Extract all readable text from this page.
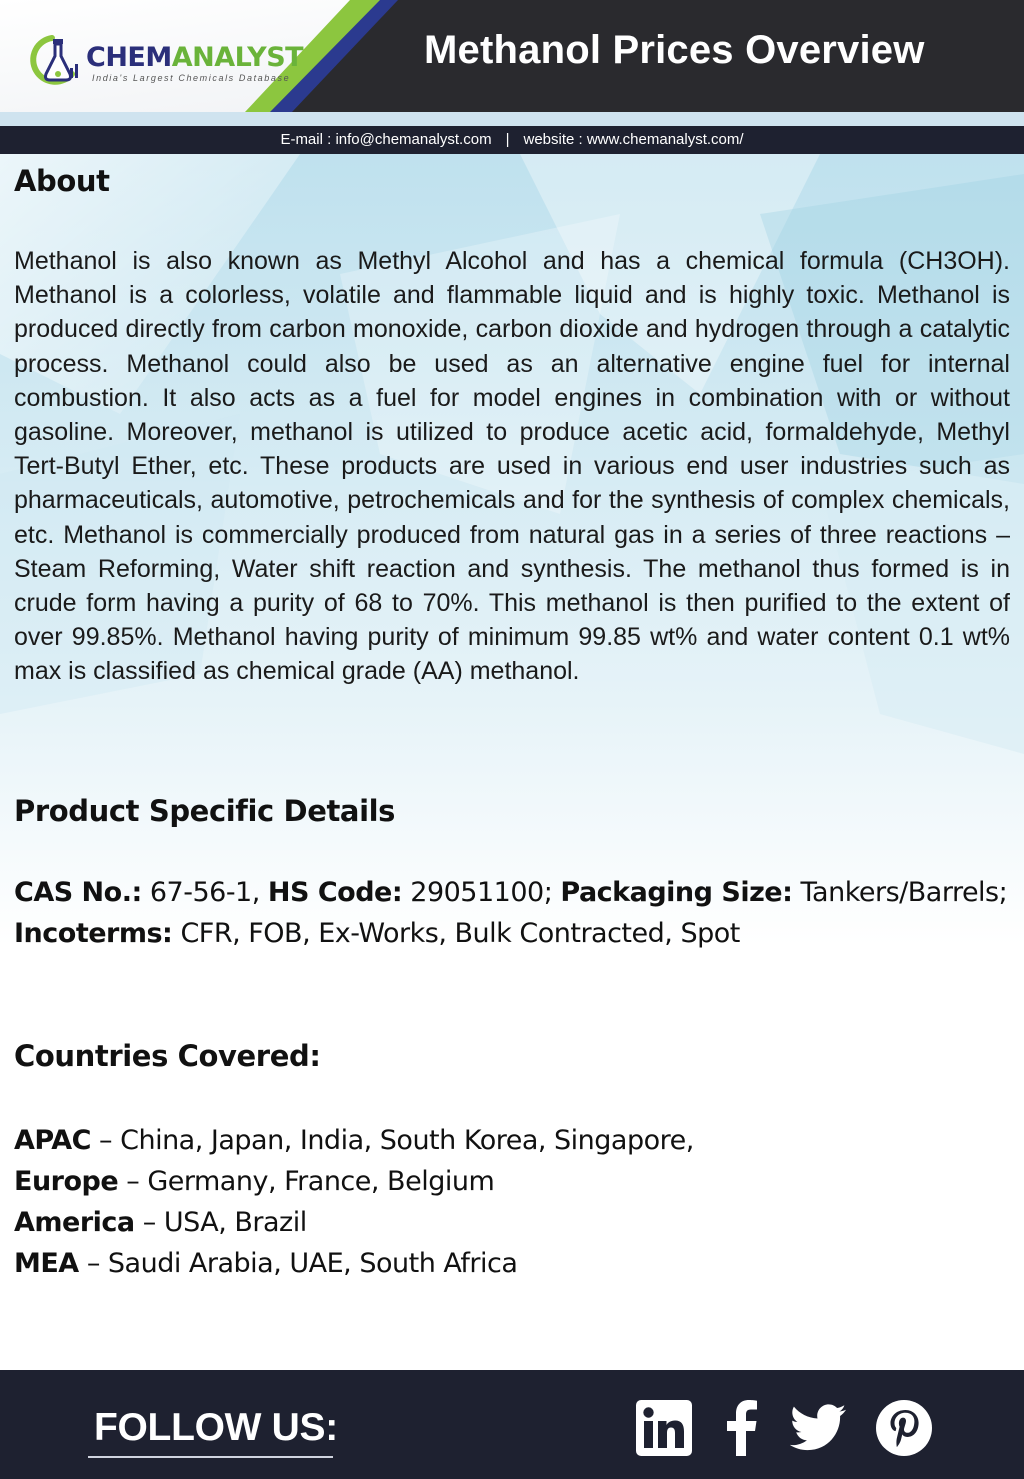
CHEMANALYST
India's Largest Chemicals Database
Methanol Prices Overview
E-mail : info@chemanalyst.com | website : www.chemanalyst.com/
About

Methanol is also known as Methyl Alcohol and has a chemical formula (CH3OH). Methanol is a colorless, volatile and flammable liquid and is highly toxic. Methanol is produced directly from carbon monoxide, carbon dioxide and hydrogen through a catalytic process. Methanol could also be used as an alternative engine fuel for internal combustion. It also acts as a fuel for model engines in combination with or without gasoline. Moreover, methanol is utilized to produce acetic acid, formaldehyde, Methyl Tert-Butyl Ether, etc. These products are used in various end user industries such as pharmaceuticals, automotive, petrochemicals and for the synthesis of complex chemicals, etc. Methanol is commercially produced from natural gas in a series of three reactions – Steam Reforming, Water shift reaction and synthesis. The methanol thus formed is in crude form having a purity of 68 to 70%. This methanol is then purified to the extent of over 99.85%. Methanol having purity of minimum 99.85 wt% and water content 0.1 wt% max is classified as chemical grade (AA) methanol.

Product Specific Details

CAS No.: 67-56-1, HS Code: 29051100; Packaging Size: Tankers/Barrels; Incoterms: CFR, FOB, Ex-Works, Bulk Contracted, Spot

Countries Covered:
APAC – China, Japan, India, South Korea, Singapore,
Europe – Germany, France, Belgium
America – USA, Brazil
MEA – Saudi Arabia, UAE, South Africa
FOLLOW US:
